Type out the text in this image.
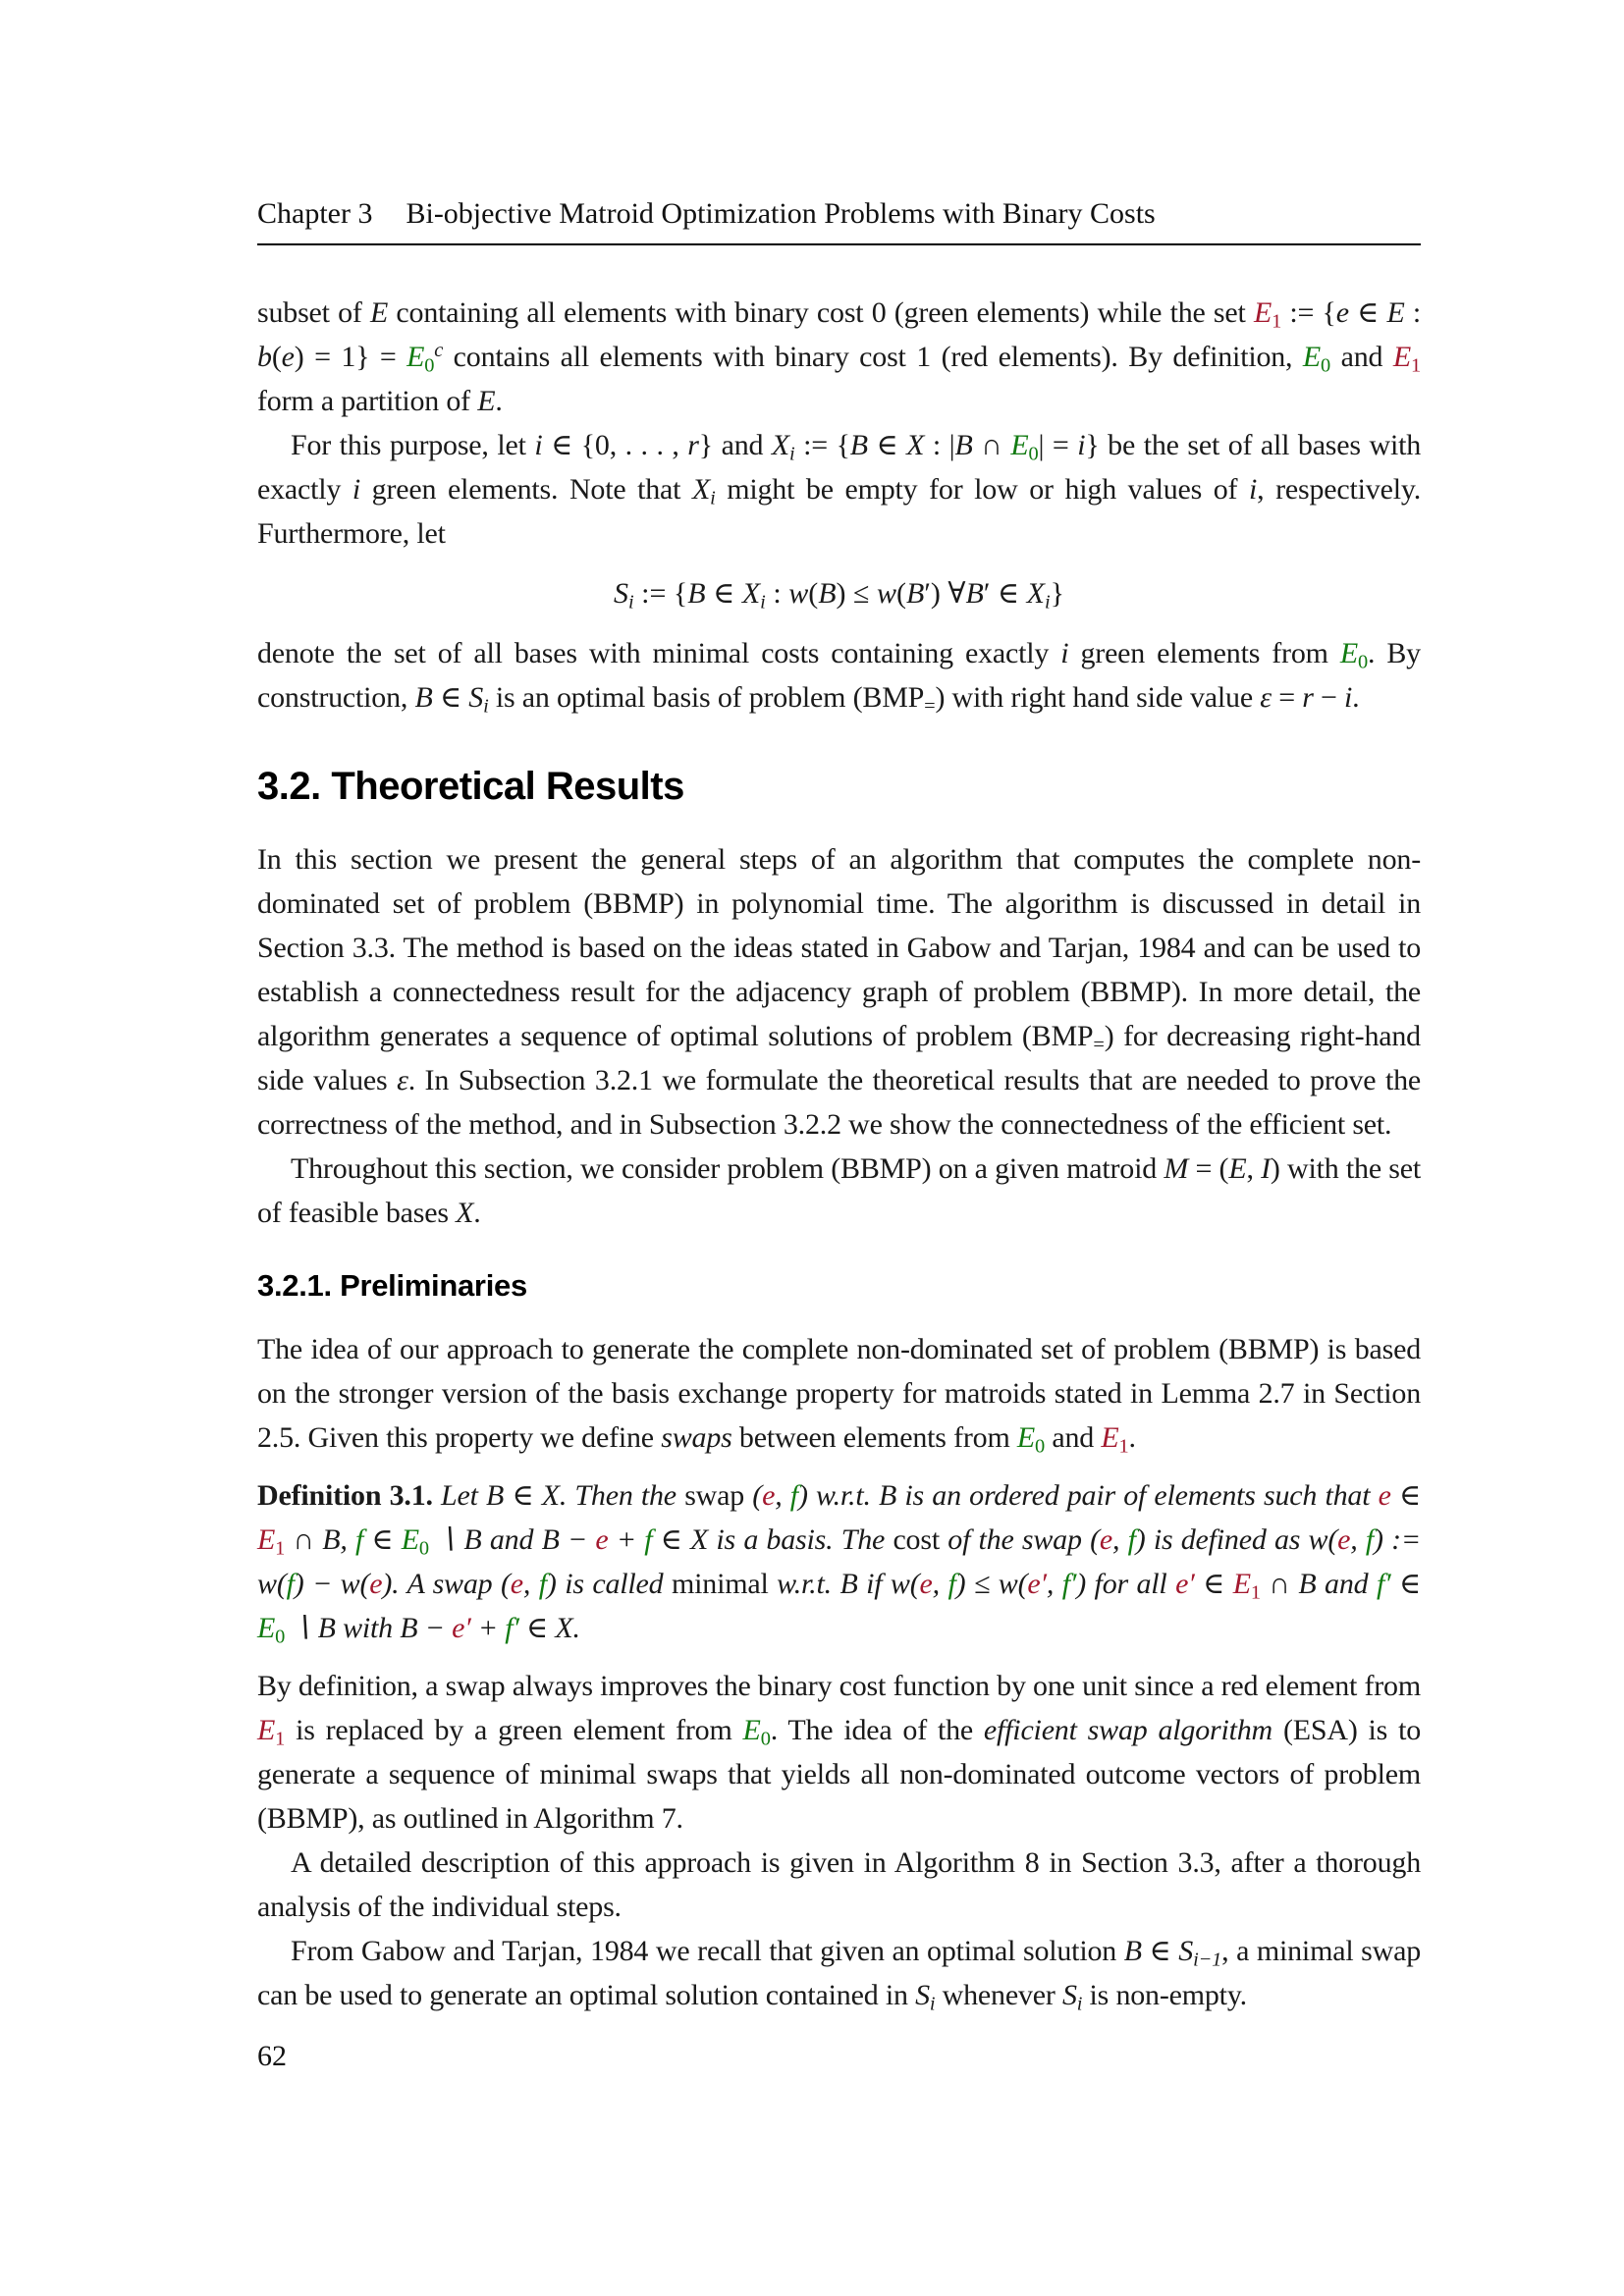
Chapter 3 Bi-objective Matroid Optimization Problems with Binary Costs

subset of E containing all elements with binary cost 0 (green elements) while the set E1 := {e ∈ E : $b(e) = 1\} = E0^c$ contains all elements with binary cost 1 (red elements). By definition, E0 and E1 form a partition of E.

For this purpose, let i ∈ {0, . . . , r} and Xi := {B ∈ X : |B ∩ E0| = i} be the set of all bases with exactly i green elements. Note that Xi might be empty for low or high values of i, respectively. Furthermore, let

Si := {B ∈ Xi : w(B) ≤ w(B′) ∀B′ ∈ Xi}

denote the set of all bases with minimal costs containing exactly i green elements from E0. By construction, B ∈ Si is an optimal basis of problem (BMP=) with right hand side value ε = r − i.

3.2. Theoretical Results

In this section we present the general steps of an algorithm that computes the complete non-dominated set of problem (BBMP) in polynomial time. The algorithm is discussed in detail in Section 3.3. The method is based on the ideas stated in Gabow and Tarjan, 1984 and can be used to establish a connectedness result for the adjacency graph of problem (BBMP). In more detail, the algorithm generates a sequence of optimal solutions of problem (BMP=) for decreasing right-hand side values ε. In Subsection 3.2.1 we formulate the theoretical results that are needed to prove the correctness of the method, and in Subsection 3.2.2 we show the connectedness of the efficient set.

Throughout this section, we consider problem (BBMP) on a given matroid M = (E, I) with the set of feasible bases X.

3.2.1. Preliminaries

The idea of our approach to generate the complete non-dominated set of problem (BBMP) is based on the stronger version of the basis exchange property for matroids stated in Lemma 2.7 in Section 2.5. Given this property we define swaps between elements from E0 and E1.

Definition 3.1. Let B ∈ X. Then the swap (e, f) w.r.t. B is an ordered pair of elements such that e ∈ E1 ∩ B, f ∈ E0 ∖ B and B − e + f ∈ X is a basis. The cost of the swap (e, f) is defined as w(e, f) := w(f) − w(e). A swap (e, f) is called minimal w.r.t. B if w(e, f) ≤ w(e′, f′) for all e′ ∈ E1 ∩ B and f′ ∈ E0 ∖ B with B − e′ + f′ ∈ X.

By definition, a swap always improves the binary cost function by one unit since a red element from E1 is replaced by a green element from E0. The idea of the efficient swap algorithm (ESA) is to generate a sequence of minimal swaps that yields all non-dominated outcome vectors of problem (BBMP), as outlined in Algorithm 7.

A detailed description of this approach is given in Algorithm 8 in Section 3.3, after a thorough analysis of the individual steps.

From Gabow and Tarjan, 1984 we recall that given an optimal solution B ∈ Si−1, a minimal swap can be used to generate an optimal solution contained in Si whenever Si is non-empty.

62
